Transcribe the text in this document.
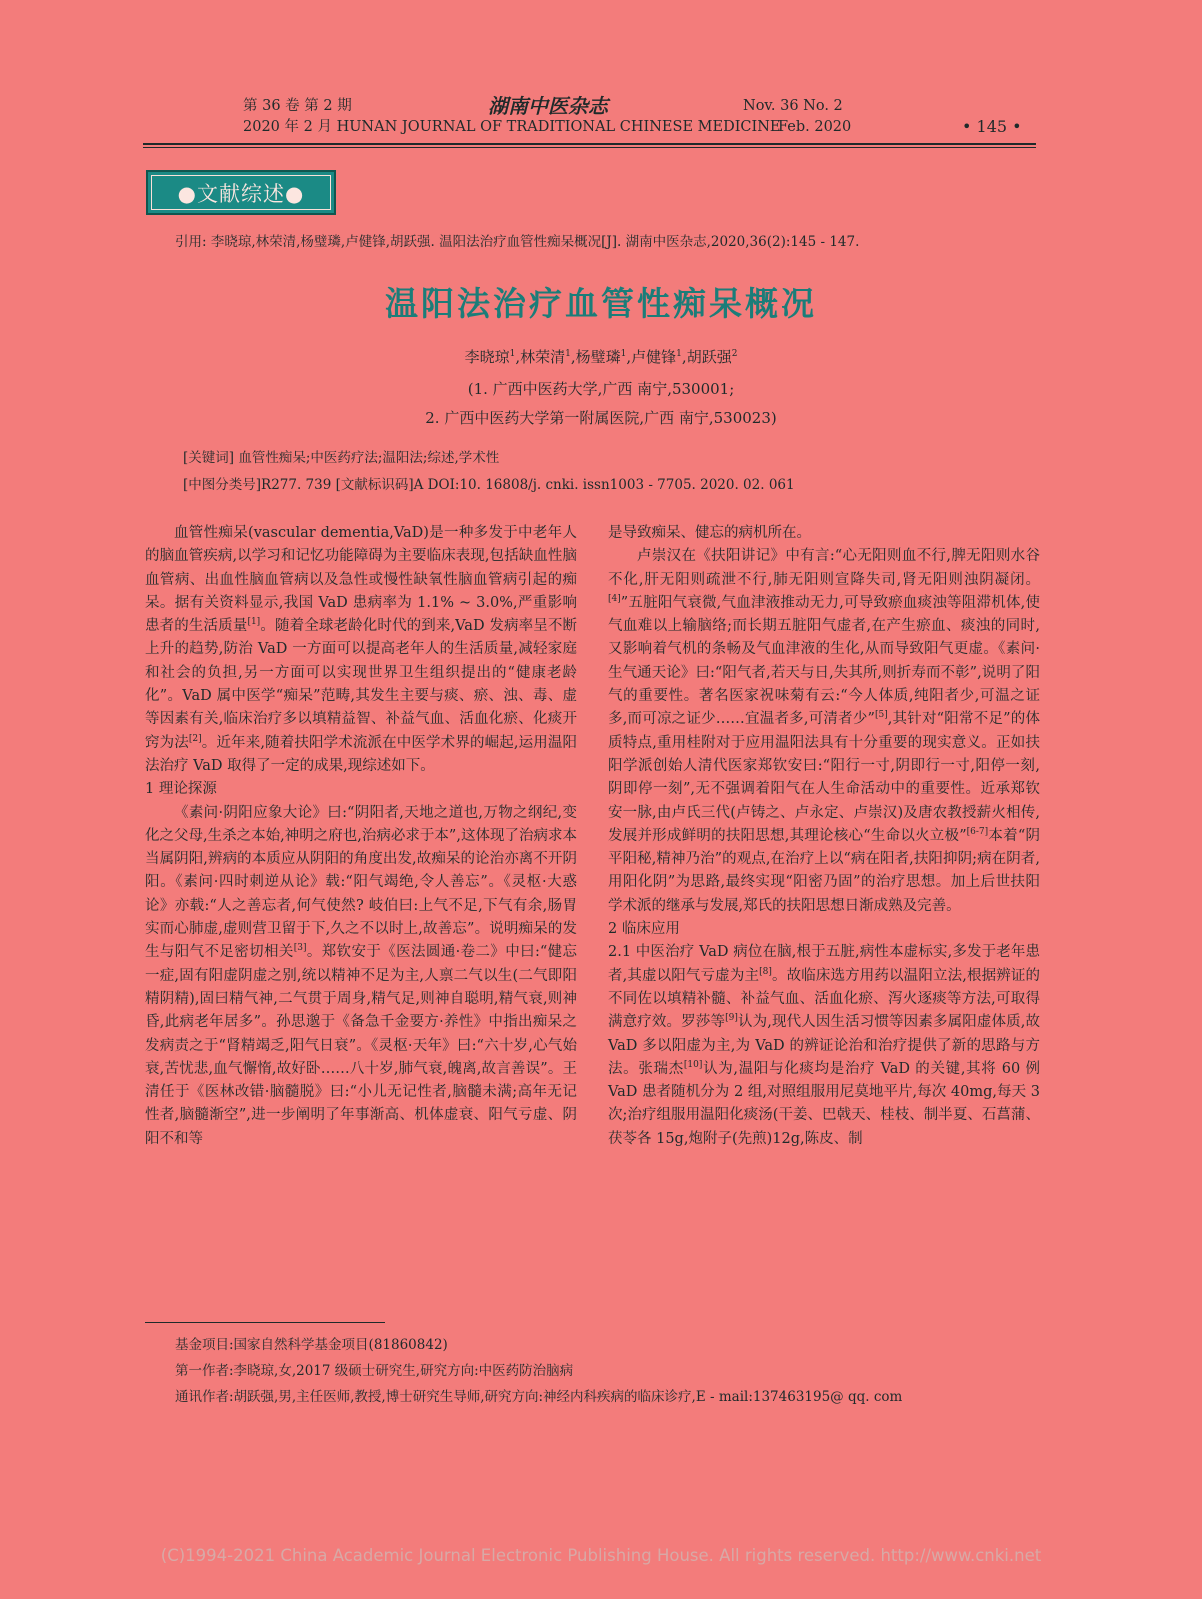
第 36 卷 第 2 期	湖南中医杂志	Nov. 36 No. 2
2020 年 2 月 HUNAN JOURNAL OF TRADITIONAL CHINESE MEDICINE
Feb. 2020	• 145 •
●文献综述●
引用: 李晓琼,林荣清,杨璧璘,卢健锋,胡跃强. 温阳法治疗血管性痴呆概况[J]. 湖南中医杂志,2020,36(2):145 - 147.
温阳法治疗血管性痴呆概况
李晓琼$^1$,林荣清$^1$,杨璧璘$^1$,卢健锋$^1$,胡跃强$^2$
(1. 广西中医药大学,广西 南宁,530001;
2. 广西中医药大学第一附属医院,广西 南宁,530023)
[关键词] 血管性痴呆;中医药疗法;温阳法;综述,学术性
[中图分类号]R277. 739 [文献标识码]A DOI:10. 16808/j. cnki. issn1003 - 7705. 2020. 02. 061

血管性痴呆(vascular dementia,VaD)是一种多发于中老年人的脑血管疾病,以学习和记忆功能障碍为主要临床表现,包括缺血性脑血管病、出血性脑血管病以及急性或慢性缺氧性脑血管病引起的痴呆。据有关资料显示,我国 VaD 患病率为 1.1% ~ 3.0%,严重影响患者的生活质量[1]。随着全球老龄化时代的到来,VaD 发病率呈不断上升的趋势,防治 VaD 一方面可以提高老年人的生活质量,减轻家庭和社会的负担,另一方面可以实现世界卫生组织提出的“健康老龄化”。VaD 属中医学“痴呆”范畴,其发生主要与痰、瘀、浊、毒、虚等因素有关,临床治疗多以填精益智、补益气血、活血化瘀、化痰开窍为法[2]。近年来,随着扶阳学术流派在中医学术界的崛起,运用温阳法治疗 VaD 取得了一定的成果,现综述如下。

1 理论探源

《素问·阴阳应象大论》曰:“阴阳者,天地之道也,万物之纲纪,变化之父母,生杀之本始,神明之府也,治病必求于本”,这体现了治病求本当属阴阳,辨病的本质应从阴阳的角度出发,故痴呆的论治亦离不开阴阳。《素问·四时刺逆从论》载:“阳气竭绝,令人善忘”。《灵枢·大惑论》亦载:“人之善忘者,何气使然? 岐伯曰:上气不足,下气有余,肠胃实而心肺虚,虚则营卫留于下,久之不以时上,故善忘”。说明痴呆的发生与阳气不足密切相关[3]。郑钦安于《医法圆通·卷二》中曰:“健忘一症,固有阳虚阴虚之别,统以精神不足为主,人禀二气以生(二气即阳精阴精),固曰精气神,二气贯于周身,精气足,则神自聪明,精气衰,则神昏,此病老年居多”。孙思邈于《备急千金要方·养性》中指出痴呆之发病责之于“肾精竭乏,阳气日衰”。《灵枢·天年》曰:“六十岁,心气始衰,苦忧悲,血气懈惰,故好卧……八十岁,肺气衰,魄离,故言善误”。王清任于《医林改错·脑髓脱》曰:“小儿无记性者,脑髓未满;高年无记性者,脑髓渐空”,进一步阐明了年事渐高、机体虚衰、阳气亏虚、阴阳不和等

是导致痴呆、健忘的病机所在。

卢崇汉在《扶阳讲记》中有言:“心无阳则血不行,脾无阳则水谷不化,肝无阳则疏泄不行,肺无阳则宣降失司,肾无阳则浊阴凝闭。[4]”五脏阳气衰微,气血津液推动无力,可导致瘀血痰浊等阻滞机体,使气血难以上输脑络;而长期五脏阳气虚者,在产生瘀血、痰浊的同时,又影响着气机的条畅及气血津液的生化,从而导致阳气更虚。《素问·生气通天论》曰:“阳气者,若天与日,失其所,则折寿而不彰”,说明了阳气的重要性。著名医家祝味菊有云:“今人体质,纯阳者少,可温之证多,而可凉之证少……宜温者多,可清者少”[5],其针对“阳常不足”的体质特点,重用桂附对于应用温阳法具有十分重要的现实意义。正如扶阳学派创始人清代医家郑钦安曰:“阳行一寸,阴即行一寸,阳停一刻,阴即停一刻”,无不强调着阳气在人生命活动中的重要性。近承郑钦安一脉,由卢氏三代(卢铸之、卢永定、卢崇汉)及唐农教授薪火相传,发展并形成鲜明的扶阳思想,其理论核心“生命以火立极”[6-7]本着“阴平阳秘,精神乃治”的观点,在治疗上以“病在阳者,扶阳抑阴;病在阴者,用阳化阴”为思路,最终实现“阳密乃固”的治疗思想。加上后世扶阳学术派的继承与发展,郑氏的扶阳思想日渐成熟及完善。

2 临床应用

2.1 中医治疗 VaD 病位在脑,根于五脏,病性本虚标实,多发于老年患者,其虚以阳气亏虚为主[8]。故临床选方用药以温阳立法,根据辨证的不同佐以填精补髓、补益气血、活血化瘀、泻火逐痰等方法,可取得满意疗效。罗莎等[9]认为,现代人因生活习惯等因素多属阳虚体质,故 VaD 多以阳虚为主,为 VaD 的辨证论治和治疗提供了新的思路与方法。张瑞杰[10]认为,温阳与化痰均是治疗 VaD 的关键,其将 60 例VaD 患者随机分为 2 组,对照组服用尼莫地平片,每次 40mg,每天 3 次;治疗组服用温阳化痰汤(干姜、巴戟天、桂枝、制半夏、石菖蒲、茯苓各 15g,炮附子(先煎)12g,陈皮、制

基金项目:国家自然科学基金项目(81860842)
第一作者:李晓琼,女,2017 级硕士研究生,研究方向:中医药防治脑病
通讯作者:胡跃强,男,主任医师,教授,博士研究生导师,研究方向:神经内科疾病的临床诊疗,E - mail:137463195@ qq. com
(C)1994-2021 China Academic Journal Electronic Publishing House. All rights reserved. http://www.cnki.net
